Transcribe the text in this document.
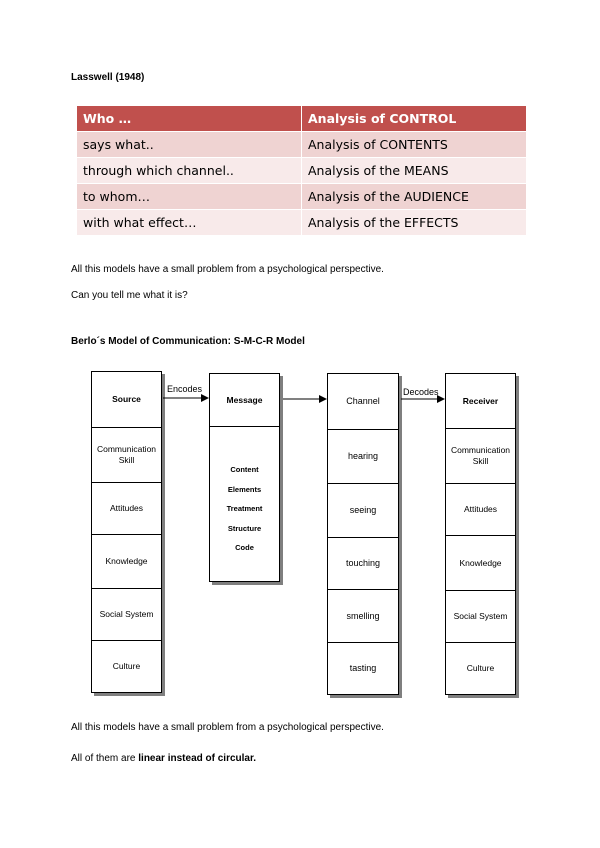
Lasswell (1948)

Who …	Analysis of CONTROL
says what..	Analysis of CONTENTS
through which channel..	Analysis of the MEANS
to whom…	Analysis of the AUDIENCE
with what effect…	Analysis of the EFFECTS

All this models have a small problem from a psychological perspective.

Can you tell me what it is?

Berlo´s Model of Communication: S-M-C-R Model

Source
Communication Skill
Attitudes
Knowledge
Social System
Culture
Message
Content
Elements
Treatment
Structure
Code
Channel
hearing
seeing
touching
smelling
tasting
Receiver
Communication Skill
Attitudes
Knowledge
Social System
Culture
Encodes	Decodes

All this models have a small problem from a psychological perspective.

All of them are linear instead of circular.
